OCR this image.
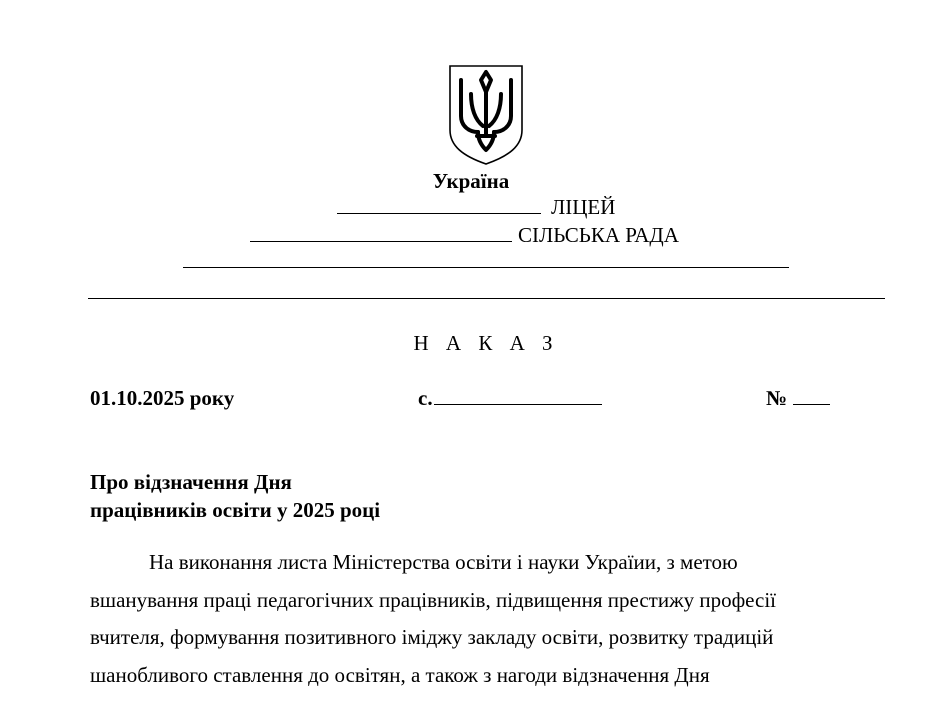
Україна
ЛІЦЕЙ
СІЛЬСЬКА РАДА
Н А К А З
01.10.2025 року	с.	№
Про відзначення Дня
працівників освіти у 2025 році
На виконання листа Міністерства освіти і науки Україии, з метою
вшанування праці педагогічних працівників, підвищення престижу професії
вчителя, формування позитивного іміджу закладу освіти, розвитку традицій
шанобливого ставлення до освітян, а також з нагоди відзначення Дня
